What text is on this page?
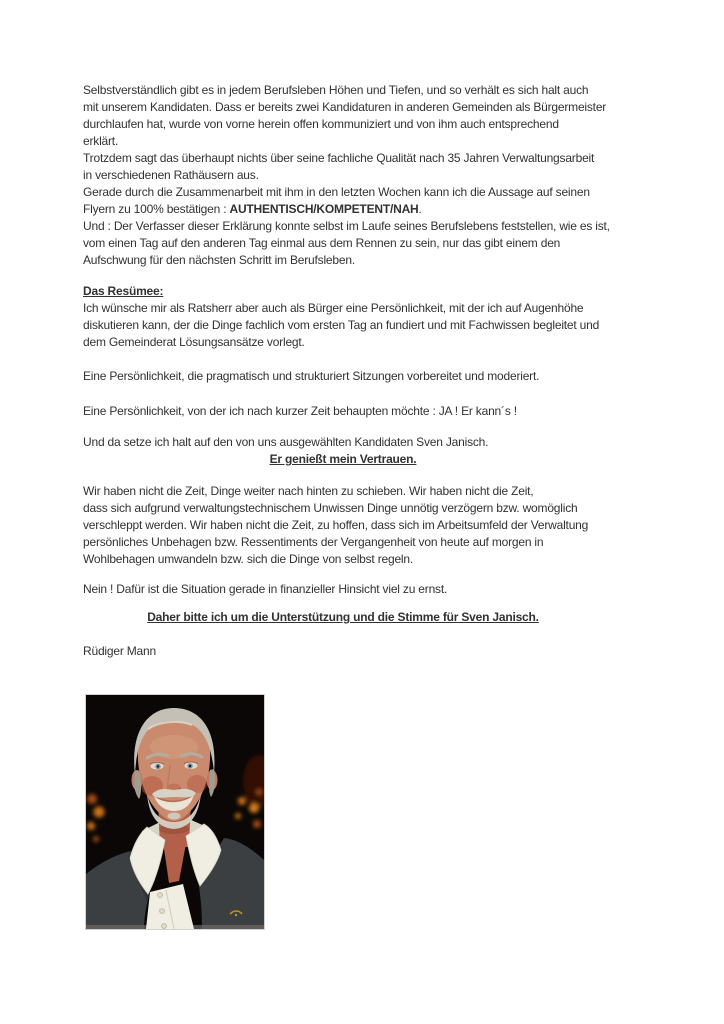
Selbstverständlich gibt es in jedem Berufsleben Höhen und Tiefen, und so verhält es sich halt auch
mit unserem Kandidaten. Dass er bereits zwei Kandidaturen in anderen Gemeinden als Bürgermeister
durchlaufen hat, wurde von vorne herein offen kommuniziert und von ihm auch entsprechend
erklärt.
Trotzdem sagt das überhaupt nichts über seine fachliche Qualität nach 35 Jahren Verwaltungsarbeit
in verschiedenen Rathäusern aus.
Gerade durch die Zusammenarbeit mit ihm in den letzten Wochen kann ich die Aussage auf seinen
Flyern zu 100% bestätigen : AUTHENTISCH/KOMPETENT/NAH.
Und : Der Verfasser dieser Erklärung konnte selbst im Laufe seines Berufslebens feststellen, wie es ist,
vom einen Tag auf den anderen Tag einmal aus dem Rennen zu sein, nur das gibt einem den
Aufschwung für den nächsten Schritt im Berufsleben.
Das Resümee:
Ich wünsche mir als Ratsherr aber auch als Bürger eine Persönlichkeit, mit der ich auf Augenhöhe
diskutieren kann, der die Dinge fachlich vom ersten Tag an fundiert und mit Fachwissen begleitet und
dem Gemeinderat Lösungsansätze vorlegt.
Eine Persönlichkeit, die pragmatisch und strukturiert Sitzungen vorbereitet und moderiert.
Eine Persönlichkeit, von der ich nach kurzer Zeit behaupten möchte : JA ! Er kann´s !
Und da setze ich halt auf den von uns ausgewählten Kandidaten Sven Janisch.
Er genießt mein Vertrauen.
Wir haben nicht die Zeit, Dinge weiter nach hinten zu schieben. Wir haben nicht die Zeit,
dass sich aufgrund verwaltungstechnischem Unwissen Dinge unnötig verzögern bzw. womöglich
verschleppt werden. Wir haben nicht die Zeit, zu hoffen, dass sich im Arbeitsumfeld der Verwaltung
persönliches Unbehagen bzw. Ressentiments der Vergangenheit von heute auf morgen in
Wohlbehagen umwandeln bzw. sich die Dinge von selbst regeln.
Nein ! Dafür ist die Situation gerade in finanzieller Hinsicht viel zu ernst.
Daher bitte ich um die Unterstützung und die Stimme für Sven Janisch.
Rüdiger Mann
